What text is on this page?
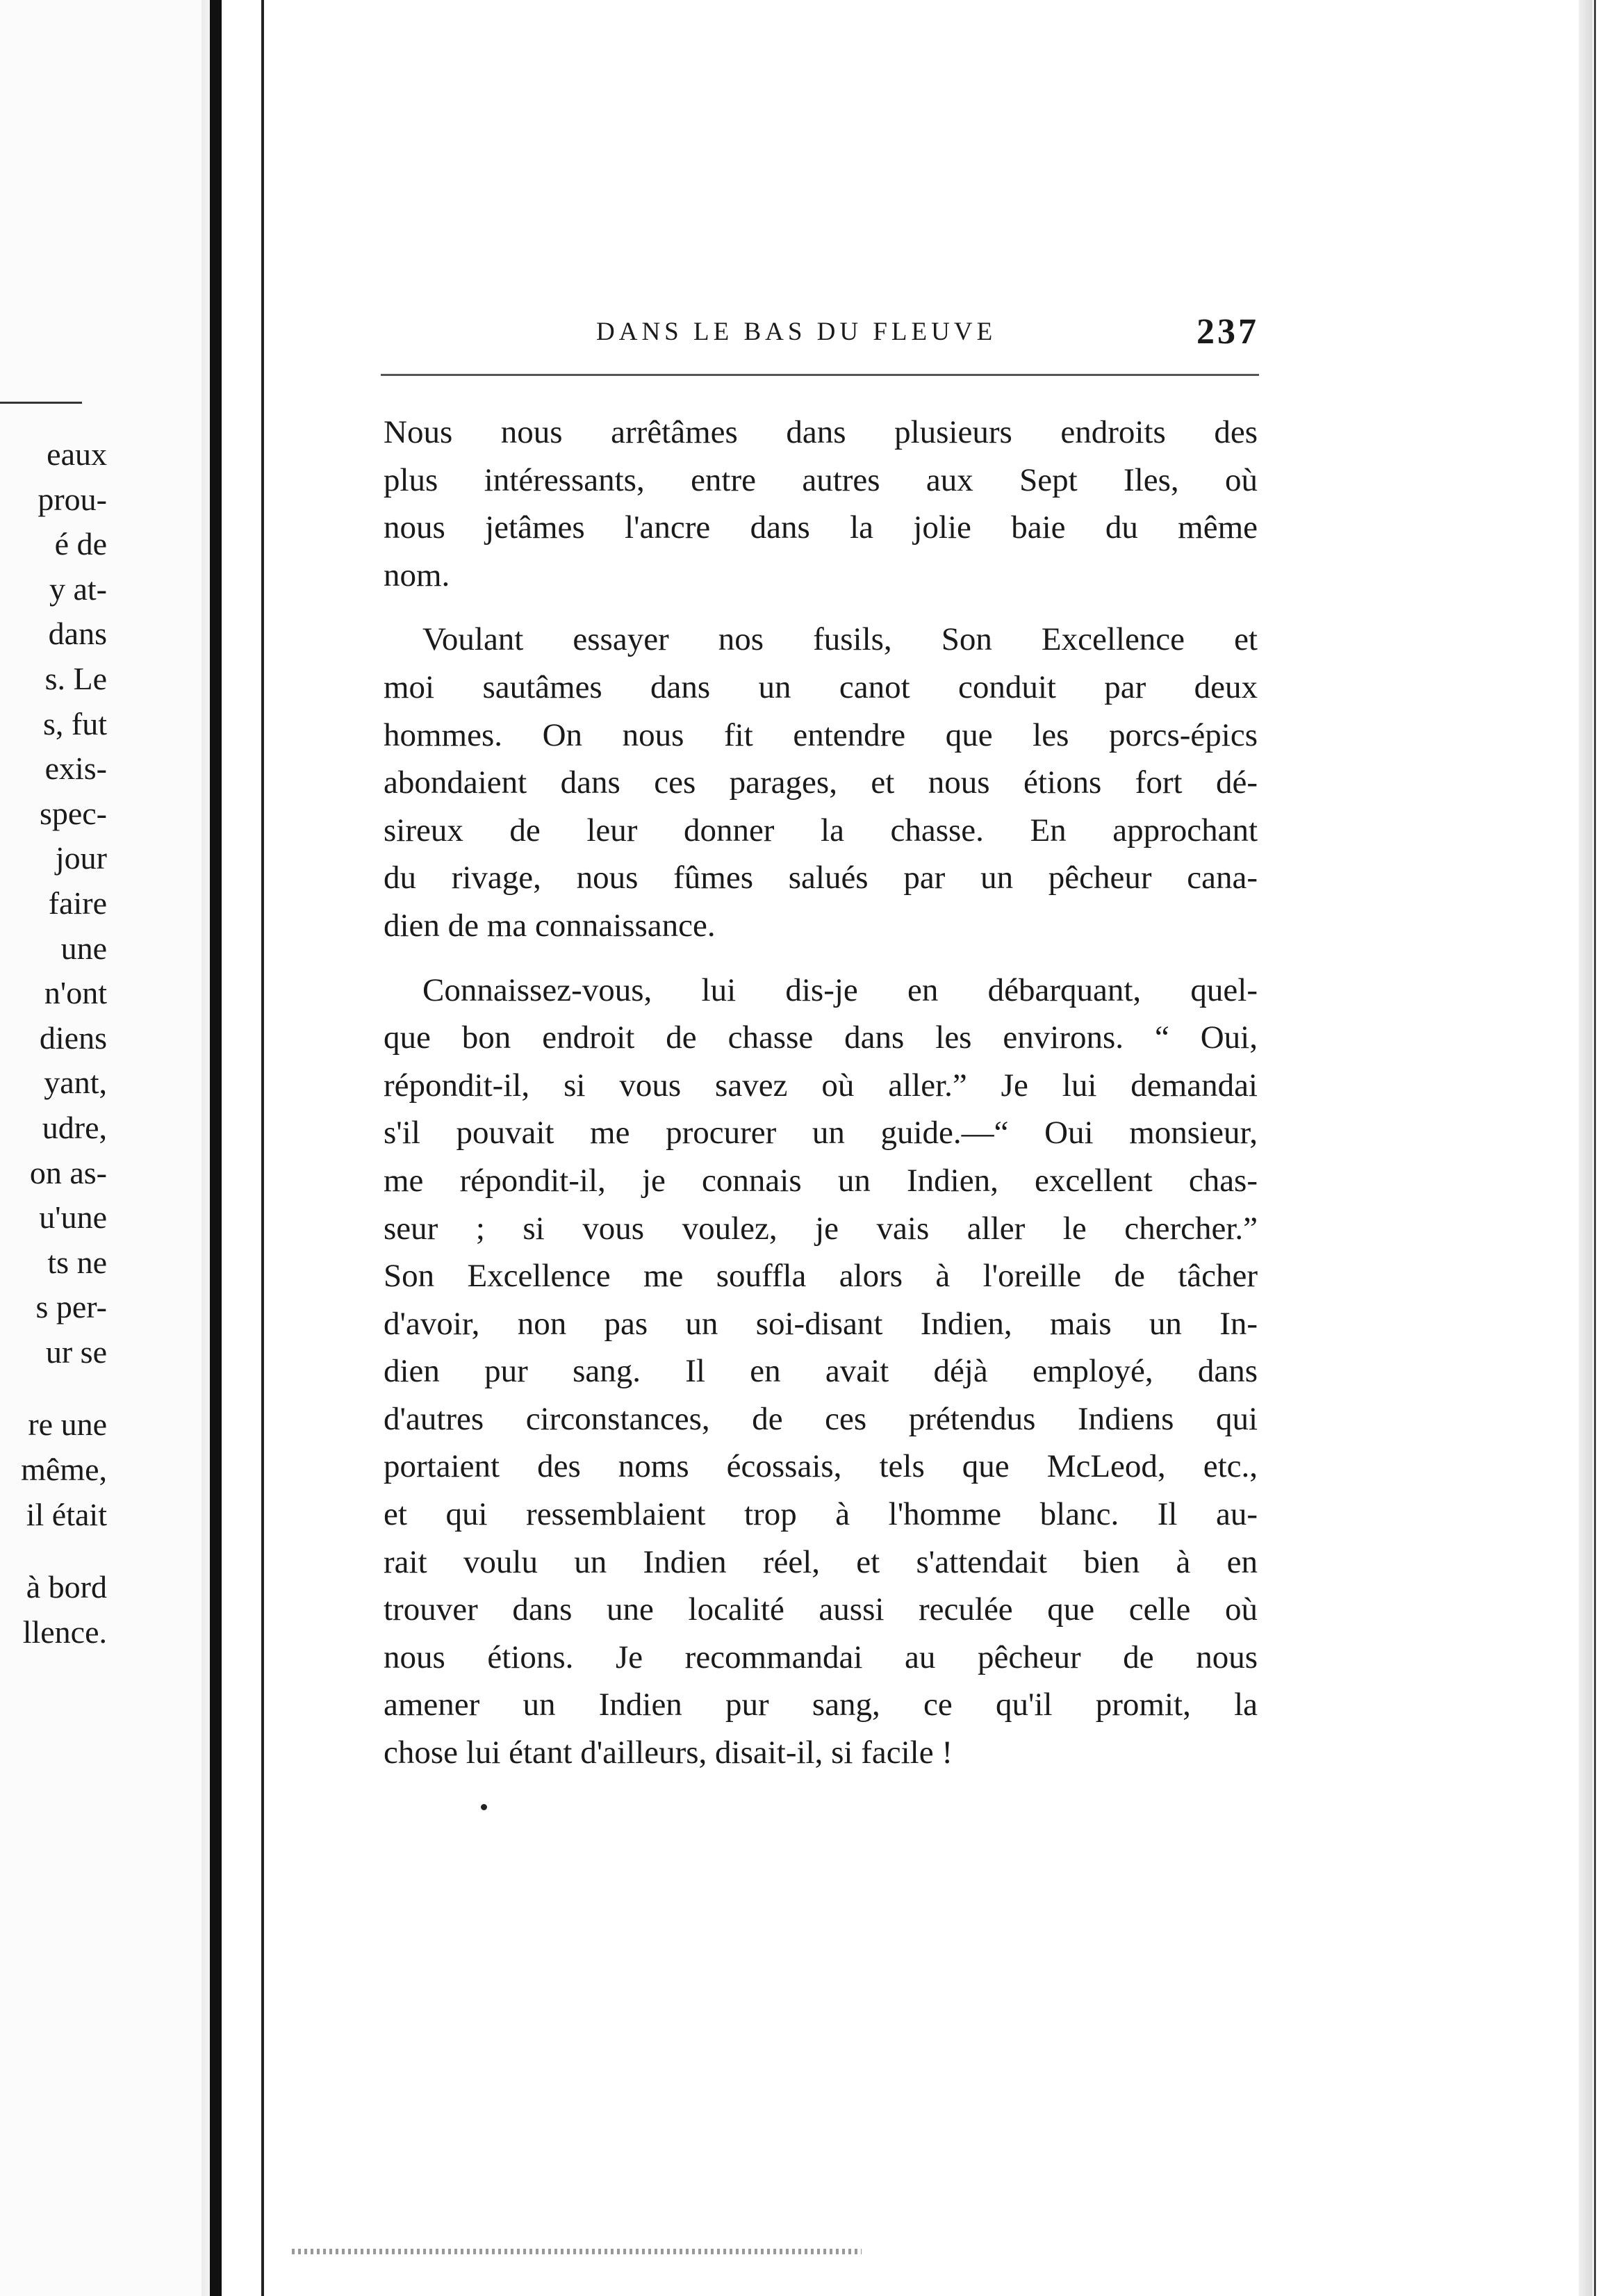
eaux
prou-
é de
y at-
dans
s. Le
s, fut
exis-
spec-
jour
faire
une
n'ont
diens
yant,
udre,
on as-
u'une
ts ne
s per-
ur se
re une
même,
il était
à bord
llence.
DANS LE BAS DU FLEUVE	237
Nous nous arrêtâmes dans plusieurs endroits des
plus intéressants, entre autres aux Sept Iles, où
nous jetâmes l'ancre dans la jolie baie du même
nom.
Voulant essayer nos fusils, Son Excellence et
moi sautâmes dans un canot conduit par deux
hommes. On nous fit entendre que les porcs-épics
abondaient dans ces parages, et nous étions fort dé-
sireux de leur donner la chasse. En approchant
du rivage, nous fûmes salués par un pêcheur cana-
dien de ma connaissance.
Connaissez-vous, lui dis-je en débarquant, quel-
que bon endroit de chasse dans les environs. “ Oui,
répondit-il, si vous savez où aller.” Je lui demandai
s'il pouvait me procurer un guide.—“ Oui monsieur,
me répondit-il, je connais un Indien, excellent chas-
seur ; si vous voulez, je vais aller le chercher.”
Son Excellence me souffla alors à l'oreille de tâcher
d'avoir, non pas un soi-disant Indien, mais un In-
dien pur sang. Il en avait déjà employé, dans
d'autres circonstances, de ces prétendus Indiens qui
portaient des noms écossais, tels que McLeod, etc.,
et qui ressemblaient trop à l'homme blanc. Il au-
rait voulu un Indien réel, et s'attendait bien à en
trouver dans une localité aussi reculée que celle où
nous étions. Je recommandai au pêcheur de nous
amener un Indien pur sang, ce qu'il promit, la
chose lui étant d'ailleurs, disait-il, si facile !
